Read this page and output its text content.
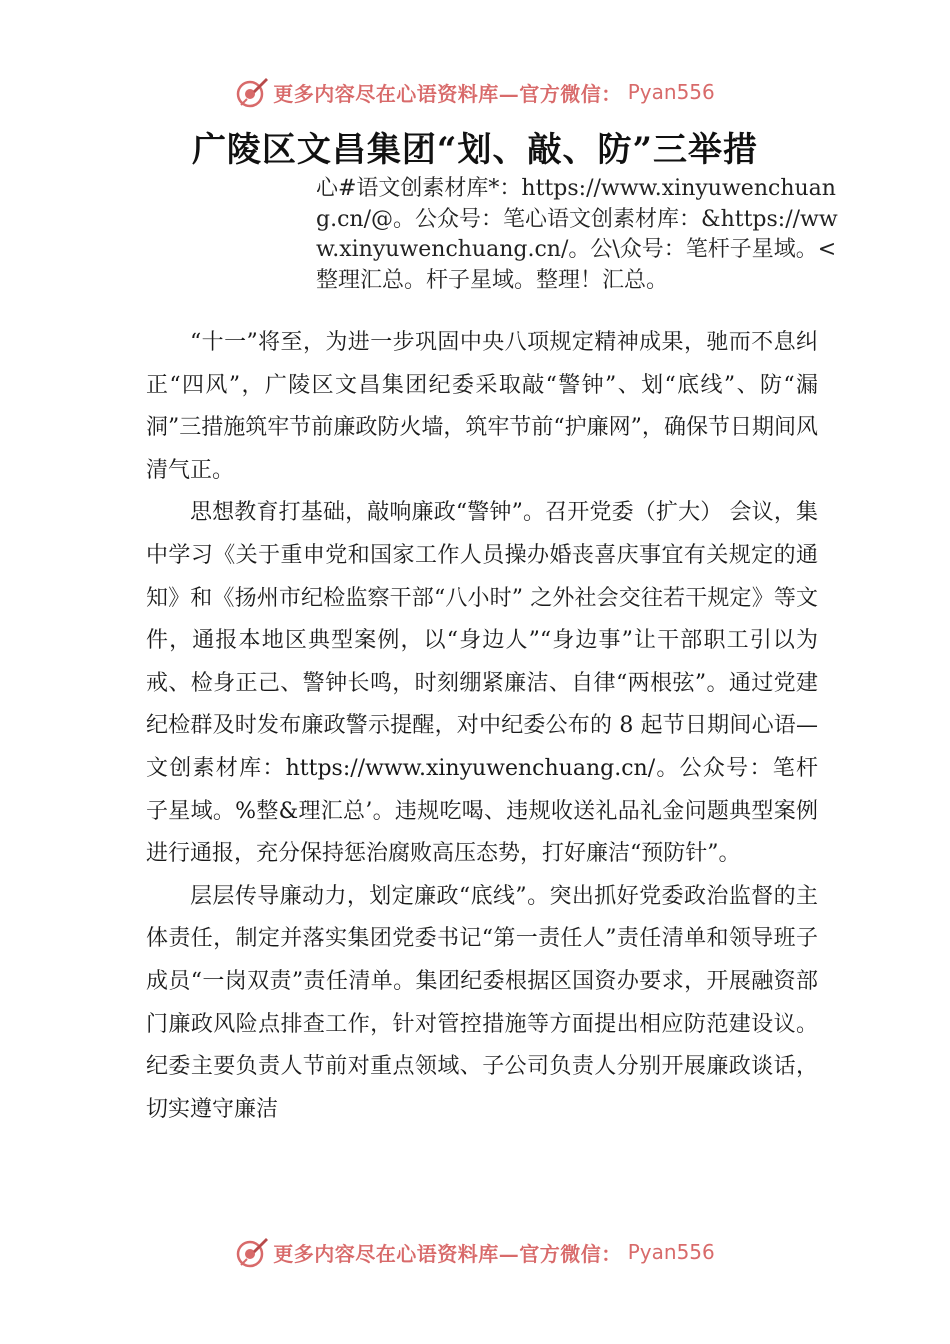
更多内容尽在心语资料库—官方微信： Pyan556
广陵区文昌集团“划、敲、防”三举措
心#语文创素材库*：https://www.xinyuwenchuang.cn/@。公众号：笔心语文创素材库：&https://www.xinyuwenchuang.cn/。公\众号：笔杆子星域。<整理汇总。杆子星域。整理！汇总。

“十一”将至，为进一步巩固中央八项规定精神成果，驰而不息纠正“四风”，广陵区文昌集团纪委采取敲“警钟”、划“底线”、防“漏洞”三措施筑牢节前廉政防火墙，筑牢节前“护廉网”，确保节日期间风清气正。

思想教育打基础，敲响廉政“警钟”。召开党委（扩大） 会议，集中学习《关于重申党和国家工作人员操办婚丧喜庆事宜有关规定的通知》和《扬州市纪检监察干部“八小时” 之外社会交往若干规定》等文件，通报本地区典型案例，以“身边人”“身边事”让干部职工引以为戒、检身正己、警钟长鸣，时刻绷紧廉洁、自律“两根弦”。通过党建纪检群及时发布廉政警示提醒，对中纪委公布的 8 起节日期间心语—文创素材库：https://www.xinyuwenchuang.cn/。公众号：笔杆子星域。%整&理汇总’。违规吃喝、违规收送礼品礼金问题典型案例进行通报，充分保持惩治腐败高压态势，打好廉洁“预防针”。

层层传导廉动力，划定廉政“底线”。突出抓好党委政治监督的主体责任，制定并落实集团党委书记“第一责任人”责任清单和领导班子成员“一岗双责”责任清单。集团纪委根据区国资办要求，开展融资部门廉政风险点排查工作，针对管控措施等方面提出相应防范建设议。纪委主要负责人节前对重点领域、子公司负责人分别开展廉政谈话，切实遵守廉洁

更多内容尽在心语资料库—官方微信： Pyan556
